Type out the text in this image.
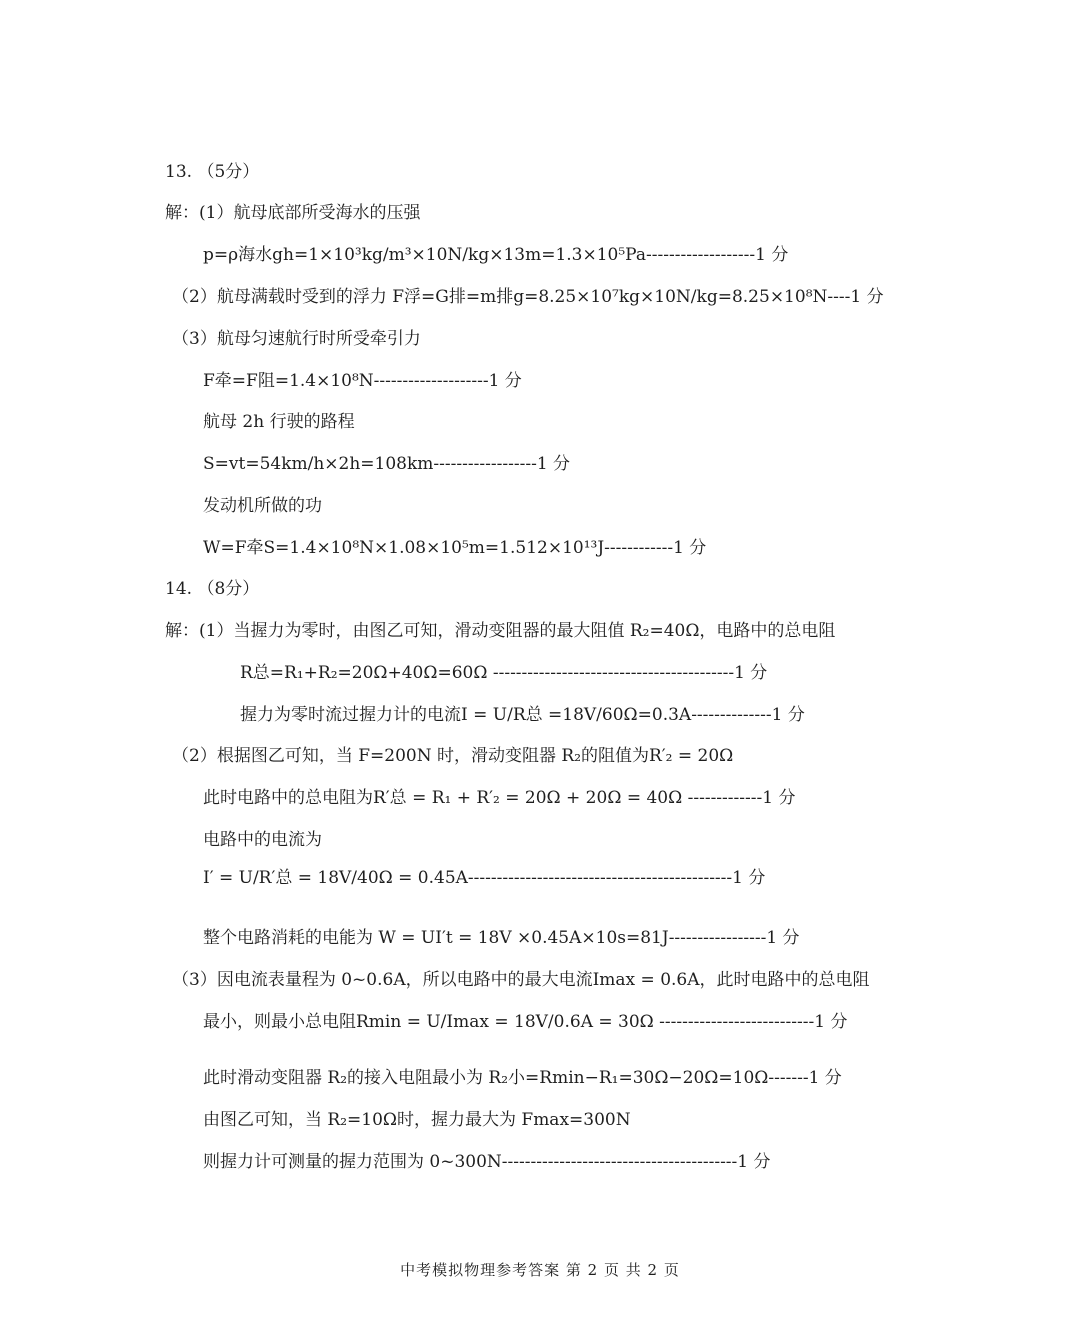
13. （5分）
解：(1）航母底部所受海水的压强
p=ρ海水gh=1×10³kg/m³×10N/kg×13m=1.3×10⁵Pa-------------------1 分
（2）航母满载时受到的浮力 F浮=G排=m排g=8.25×10⁷kg×10N/kg=8.25×10⁸N----1 分
（3）航母匀速航行时所受牵引力
F牵=F阻=1.4×10⁸N--------------------1 分
航母 2h 行驶的路程
S=vt=54km/h×2h=108km------------------1 分
发动机所做的功
W=F牵S=1.4×10⁸N×1.08×10⁵m=1.512×10¹³J------------1 分
14. （8分）
解：(1）当握力为零时，由图乙可知，滑动变阻器的最大阻值 R₂=40Ω，电路中的总电阻
R总=R₁+R₂=20Ω+40Ω=60Ω ------------------------------------------1 分
握力为零时流过握力计的电流I = U/R总 =18V/60Ω=0.3A--------------1 分
（2）根据图乙可知，当 F=200N 时，滑动变阻器 R₂的阻值为R′₂ = 20Ω
此时电路中的总电阻为R′总 = R₁ + R′₂ = 20Ω + 20Ω = 40Ω -------------1 分
电路中的电流为
I′ = U/R′总 = 18V/40Ω = 0.45A----------------------------------------------1 分
整个电路消耗的电能为 W = UI′t = 18V ×0.45A×10s=81J-----------------1 分
（3）因电流表量程为 0~0.6A，所以电路中的最大电流Imax = 0.6A，此时电路中的总电阻
最小，则最小总电阻Rmin = U/Imax = 18V/0.6A = 30Ω ---------------------------1 分
此时滑动变阻器 R₂的接入电阻最小为 R₂小=Rmin−R₁=30Ω−20Ω=10Ω-------1 分
由图乙可知，当 R₂=10Ω时，握力最大为 Fmax=300N
则握力计可测量的握力范围为 0~300N-----------------------------------------1 分
中考模拟物理参考答案 第 2 页 共 2 页
